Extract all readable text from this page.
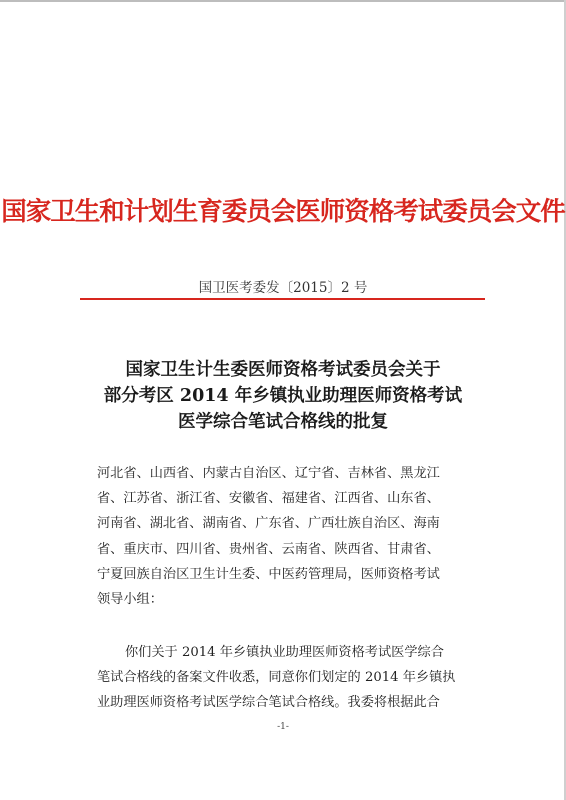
国家卫生和计划生育委员会医师资格考试委员会文件
国卫医考委发〔2015〕2 号
国家卫生计生委医师资格考试委员会关于
部分考区 2014 年乡镇执业助理医师资格考试
医学综合笔试合格线的批复
河北省、山西省、内蒙古自治区、辽宁省、吉林省、黑龙江
省、江苏省、浙江省、安徽省、福建省、江西省、山东省、
河南省、湖北省、湖南省、广东省、广西壮族自治区、海南
省、重庆市、四川省、贵州省、云南省、陕西省、甘肃省、
宁夏回族自治区卫生计生委、中医药管理局，医师资格考试
领导小组：
你们关于 2014 年乡镇执业助理医师资格考试医学综合
笔试合格线的备案文件收悉，同意你们划定的 2014 年乡镇执
业助理医师资格考试医学综合笔试合格线。我委将根据此合
-1-
